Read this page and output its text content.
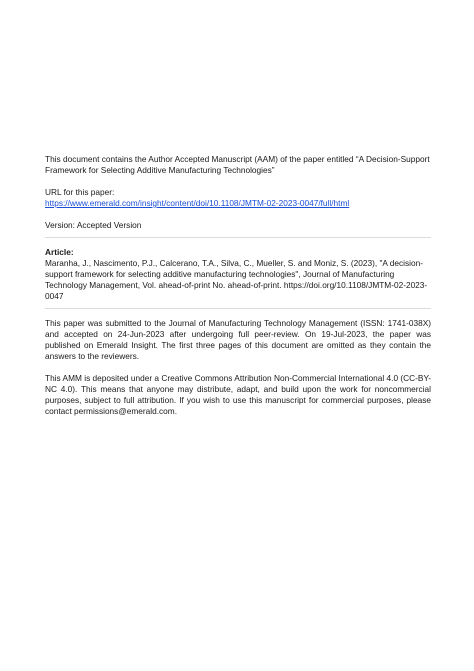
This document contains the Author Accepted Manuscript (AAM) of the paper entitled “A Decision-Support Framework for Selecting Additive Manufacturing Technologies”

URL for this paper:

https://www.emerald.com/insight/content/doi/10.1108/JMTM-02-2023-0047/full/html

Version: Accepted Version

Article:

Maranha, J., Nascimento, P.J., Calcerano, T.A., Silva, C., Mueller, S. and Moniz, S. (2023), "A decision-support framework for selecting additive manufacturing technologies", Journal of Manufacturing Technology Management, Vol. ahead-of-print No. ahead-of-print. https://doi.org/10.1108/JMTM-02-2023-0047

This paper was submitted to the Journal of Manufacturing Technology Management (ISSN: 1741-038X) and accepted on 24-Jun-2023 after undergoing full peer-review. On 19-Jul-2023, the paper was published on Emerald Insight. The first three pages of this document are omitted as they contain the answers to the reviewers.

This AMM is deposited under a Creative Commons Attribution Non-Commercial International 4.0 (CC-BY-NC 4.0). This means that anyone may distribute, adapt, and build upon the work for noncommercial purposes, subject to full attribution. If you wish to use this manuscript for commercial purposes, please contact permissions@emerald.com.
